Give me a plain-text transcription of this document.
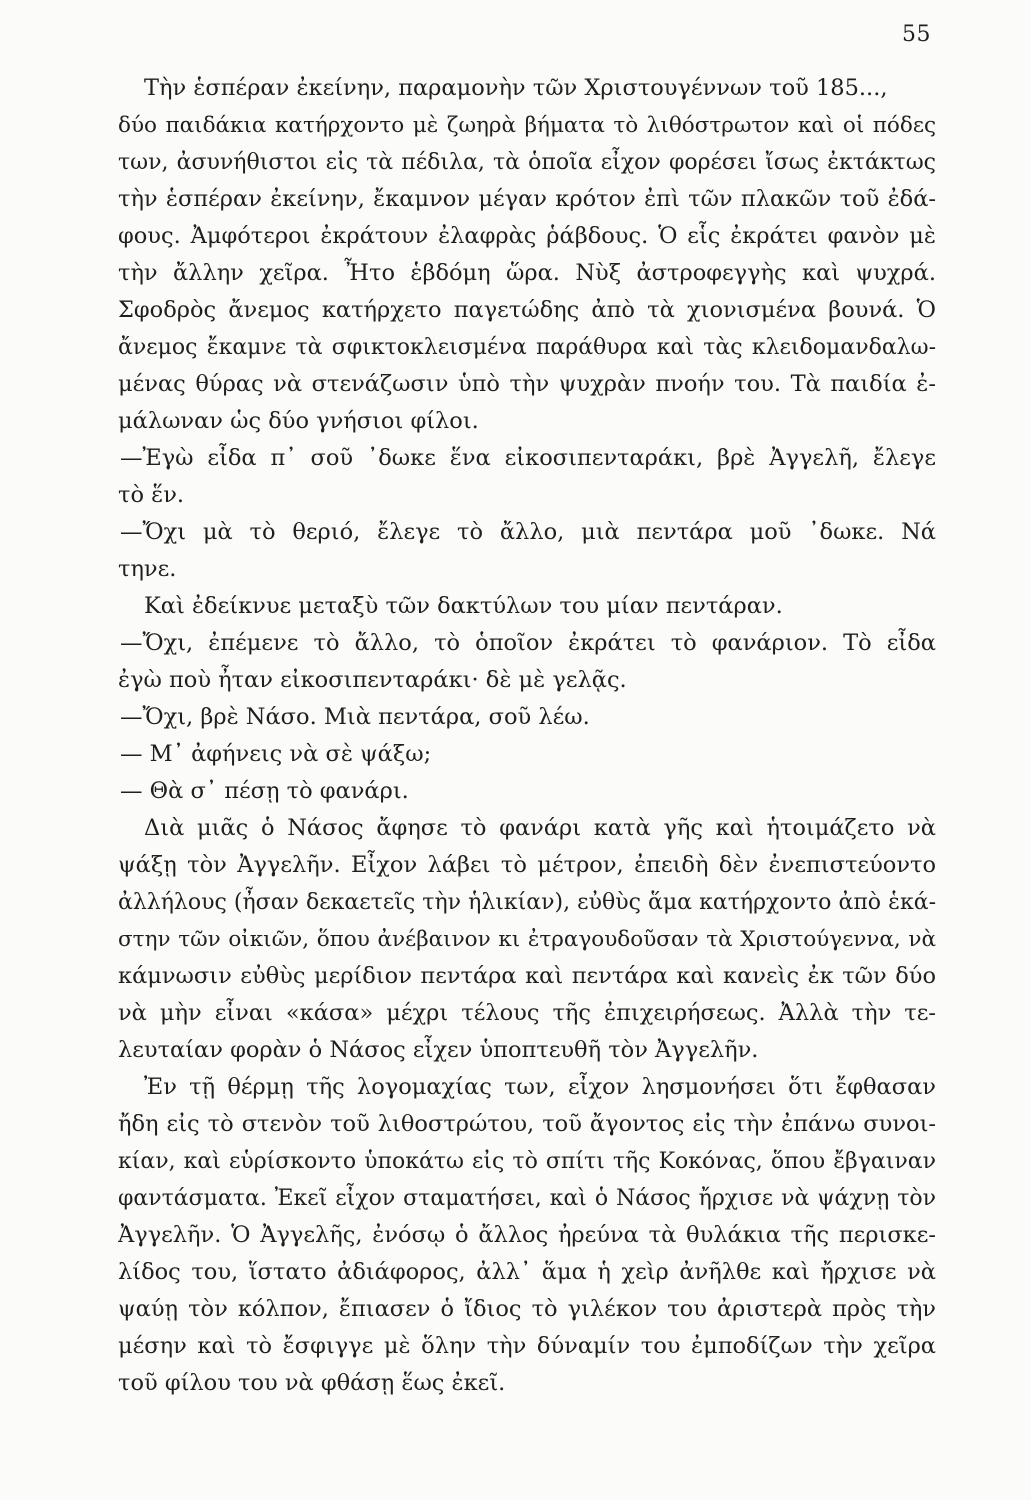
55
Τὴν ἑσπέραν ἐκείνην, παραμονὴν τῶν Χριστουγέννων τοῦ 185...,
δύο παιδάκια κατήρχοντο μὲ ζωηρὰ βήματα τὸ λιθόστρωτον καὶ οἱ πόδες
των, ἀσυνήθιστοι εἰς τὰ πέδιλα, τὰ ὁποῖα εἶχον φορέσει ἴσως ἐκτάκτως
τὴν ἑσπέραν ἐκείνην, ἔκαμνον μέγαν κρότον ἐπὶ τῶν πλακῶν τοῦ ἐδά-
φους. Ἀμφότεροι ἐκράτουν ἐλαφρὰς ῥάβδους. Ὁ εἷς ἐκράτει φανὸν μὲ
τὴν ἄλλην χεῖρα. Ἦτο ἑβδόμη ὥρα. Νὺξ ἀστροφεγγὴς καὶ ψυχρά.
Σφοδρὸς ἄνεμος κατήρχετο παγετώδης ἀπὸ τὰ χιονισμένα βουνά. Ὁ
ἄνεμος ἔκαμνε τὰ σφικτοκλεισμένα παράθυρα καὶ τὰς κλειδομανδαλω-
μένας θύρας νὰ στενάζωσιν ὑπὸ τὴν ψυχρὰν πνοήν του. Τὰ παιδία ἐ-
μάλωναν ὡς δύο γνήσιοι φίλοι.
—Ἐγὼ εἶδα π᾽ σοῦ ᾽δωκε ἕνα εἰκοσιπενταράκι, βρὲ Ἀγγελῆ, ἔλεγε
τὸ ἕν.
—Ὄχι μὰ τὸ θεριό, ἔλεγε τὸ ἄλλο, μιὰ πεντάρα μοῦ ᾽δωκε. Νά
τηνε.
Καὶ ἐδείκνυε μεταξὺ τῶν δακτύλων του μίαν πεντάραν.
—Ὄχι, ἐπέμενε τὸ ἄλλο, τὸ ὁποῖον ἐκράτει τὸ φανάριον. Τὸ εἶδα
ἐγὼ ποὺ ἦταν εἰκοσιπενταράκι· δὲ μὲ γελᾷς.
—Ὄχι, βρὲ Νάσο. Μιὰ πεντάρα, σοῦ λέω.
— Μ᾽ ἀφήνεις νὰ σὲ ψάξω;
— Θὰ σ᾽ πέσῃ τὸ φανάρι.
Διὰ μιᾶς ὁ Νάσος ἄφησε τὸ φανάρι κατὰ γῆς καὶ ἡτοιμάζετο νὰ
ψάξῃ τὸν Ἀγγελῆν. Εἶχον λάβει τὸ μέτρον, ἐπειδὴ δὲν ἐνεπιστεύοντο
ἀλλήλους (ἦσαν δεκαετεῖς τὴν ἡλικίαν), εὐθὺς ἅμα κατήρχοντο ἀπὸ ἑκά-
στην τῶν οἰκιῶν, ὅπου ἀνέβαινον κι ἐτραγουδοῦσαν τὰ Χριστούγεννα, νὰ
κάμνωσιν εὐθὺς μερίδιον πεντάρα καὶ πεντάρα καὶ κανεὶς ἐκ τῶν δύο
νὰ μὴν εἶναι «κάσα» μέχρι τέλους τῆς ἐπιχειρήσεως. Ἀλλὰ τὴν τε-
λευταίαν φορὰν ὁ Νάσος εἶχεν ὑποπτευθῆ τὸν Ἀγγελῆν.
Ἐν τῇ θέρμῃ τῆς λογομαχίας των, εἶχον λησμονήσει ὅτι ἔφθασαν
ἤδη εἰς τὸ στενὸν τοῦ λιθοστρώτου, τοῦ ἄγοντος εἰς τὴν ἐπάνω συνοι-
κίαν, καὶ εὑρίσκοντο ὑποκάτω εἰς τὸ σπίτι τῆς Κοκόνας, ὅπου ἔβγαιναν
φαντάσματα. Ἐκεῖ εἶχον σταματήσει, καὶ ὁ Νάσος ἤρχισε νὰ ψάχνῃ τὸν
Ἀγγελῆν. Ὁ Ἀγγελῆς, ἐνόσῳ ὁ ἄλλος ἠρεύνα τὰ θυλάκια τῆς περισκε-
λίδος του, ἵστατο ἀδιάφορος, ἀλλ᾽ ἅμα ἡ χεὶρ ἀνῆλθε καὶ ἤρχισε νὰ
ψαύῃ τὸν κόλπον, ἔπιασεν ὁ ἴδιος τὸ γιλέκον του ἀριστερὰ πρὸς τὴν
μέσην καὶ τὸ ἔσφιγγε μὲ ὅλην τὴν δύναμίν του ἐμποδίζων τὴν χεῖρα
τοῦ φίλου του νὰ φθάσῃ ἕως ἐκεῖ.
